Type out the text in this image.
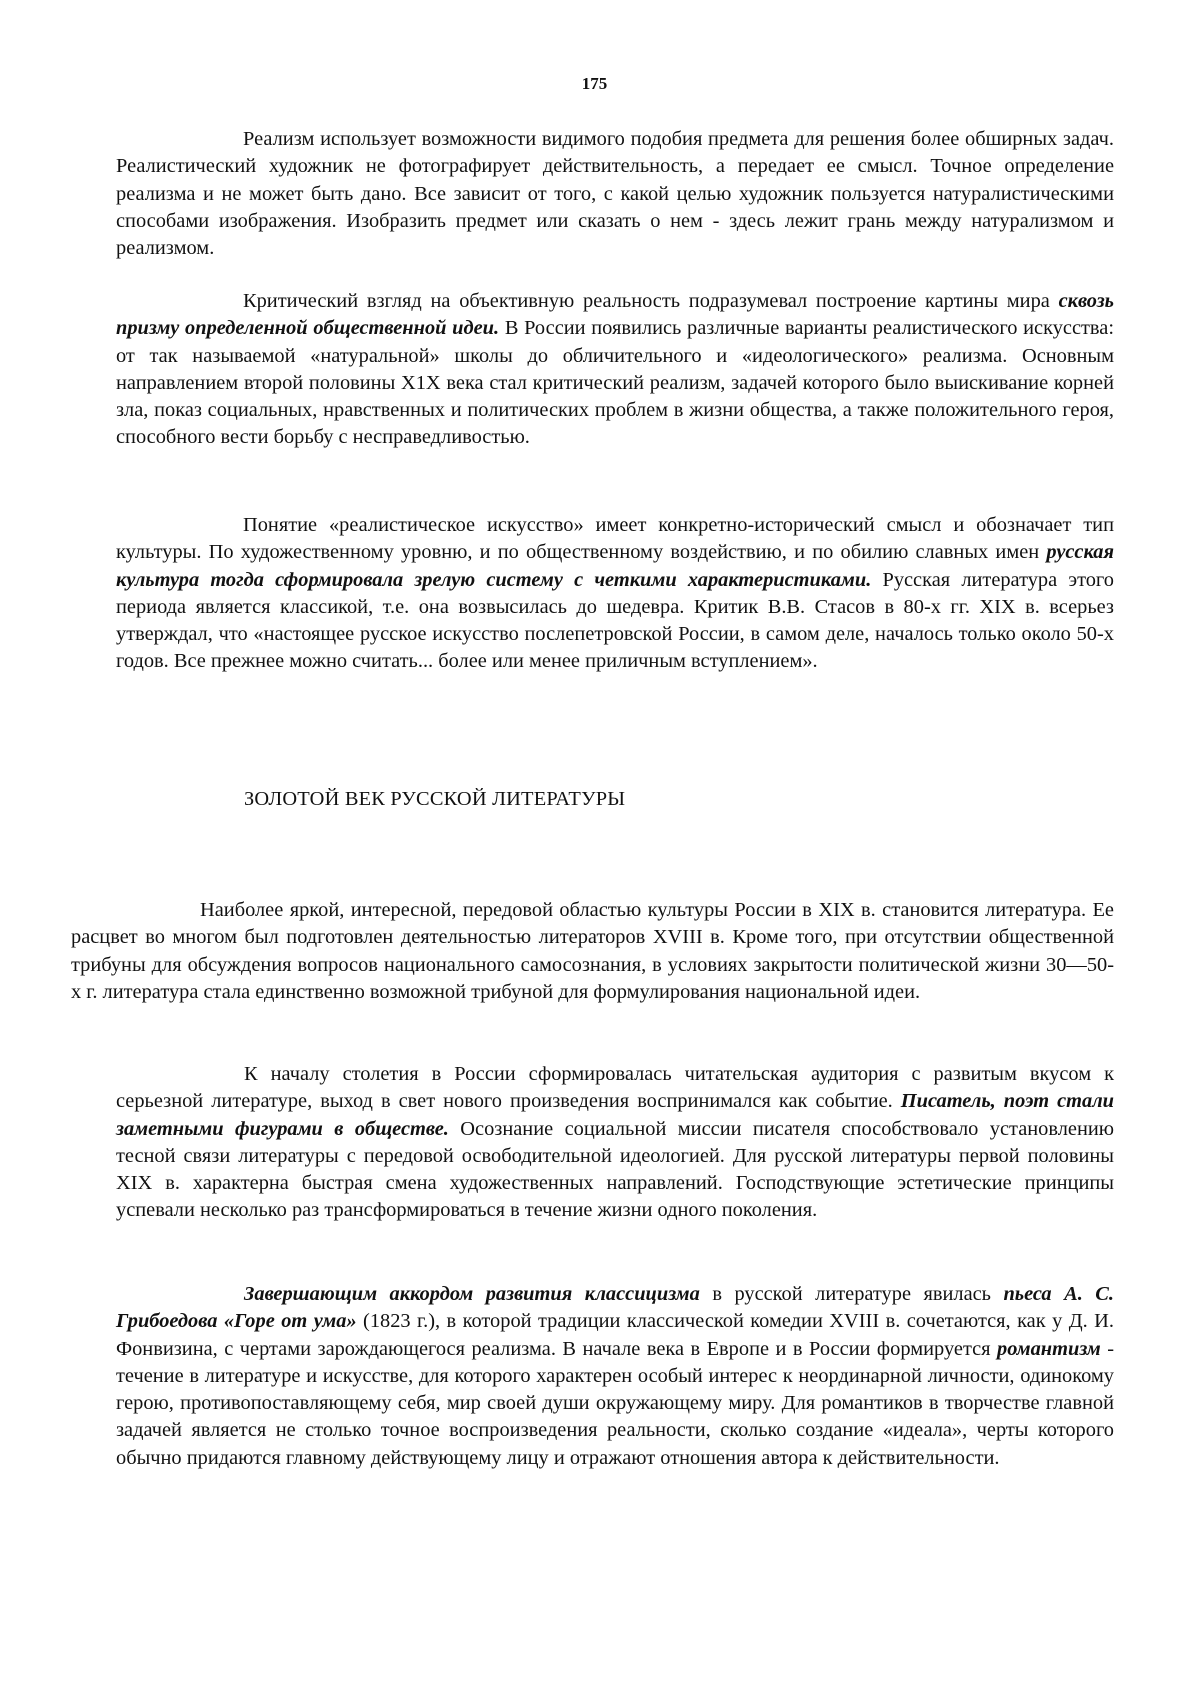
175

Реализм использует возможности видимого подобия предмета для решения более обширных задач. Реалистический художник не фотографирует действительность, а передает ее смысл. Точное определение реализма и не может быть дано. Все зависит от того, с какой целью художник пользуется натуралистическими способами изображения. Изобразить предмет или сказать о нем - здесь лежит грань между натурализмом и реализмом.

Критический взгляд на объективную реальность подразумевал построение картины мира сквозь призму определенной общественной идеи. В России появились различные варианты реалистического искусства: от так называемой «натуральной» школы до обличительного и «идеологического» реализма. Основным направлением второй половины X1X века стал критический реализм, задачей которого было выискивание корней зла, показ социальных, нравственных и политических проблем в жизни общества, а также положительного героя, способного вести борьбу с несправедливостью.

Понятие «реалистическое искусство» имеет конкретно-исторический смысл и обозначает тип культуры. По художественному уровню, и по общественному воздействию, и по обилию славных имен русская культура тогда сформировала зрелую систему с четкими характеристиками. Русская литература этого периода является классикой, т.е. она возвысилась до шедевра. Критик В.В. Стасов в 80-х гг. XIX в. всерьез утверждал, что «настоящее русское искусство послепетровской России, в самом деле, началось только около 50-х годов. Все прежнее можно считать... более или менее приличным вступлением».

ЗОЛОТОЙ ВЕК РУССКОЙ ЛИТЕРАТУРЫ

Наиболее яркой, интересной, передовой областью культуры России в XIX в. становится литература. Ее расцвет во многом был подготовлен деятельностью литераторов XVIII в. Кроме того, при отсутствии общественной трибуны для обсуждения вопросов национального самосознания, в условиях закрытости политической жизни 30—50-х г. литература стала единственно возможной трибуной для формулирования национальной идеи.

К началу столетия в России сформировалась читательская аудитория с развитым вкусом к серьезной литературе, выход в свет нового произведения воспринимался как событие. Писатель, поэт стали заметными фигурами в обществе. Осознание социальной миссии писателя способствовало установлению тесной связи литературы с передовой освободительной идеологией. Для русской литературы первой половины XIX в. характерна быстрая смена художественных направлений. Господствующие эстетические принципы успевали несколько раз трансформироваться в течение жизни одного поколения.

Завершающим аккордом развития классицизма в русской литературе явилась пьеса А. С. Грибоедова «Горе от ума» (1823 г.), в которой традиции классической комедии XVIII в. сочетаются, как у Д. И. Фонвизина, с чертами зарождающегося реализма. В начале века в Европе и в России формируется романтизм - течение в литературе и искусстве, для которого характерен особый интерес к неординарной личности, одинокому герою, противопоставляющему себя, мир своей души окружающему миру. Для романтиков в творчестве главной задачей является не столько точное воспроизведения реальности, сколько создание «идеала», черты которого обычно придаются главному действующему лицу и отражают отношения автора к действительности.
